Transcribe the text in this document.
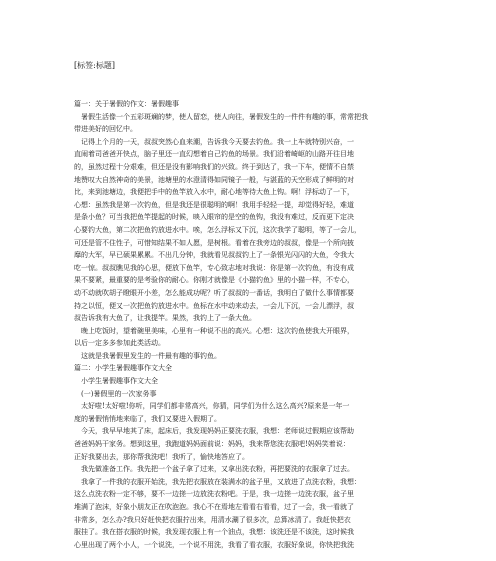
[标签:标题]

篇一：关于暑假的作文：暑假趣事

暑假生活像一个五彩斑斓的梦，使人留恋，使人向往，暑假发生的一件件有趣的事，常常把我

带进美好的回忆中。

记得上个月的一天，叔叔突然心血来潮，告诉我今天要去钓鱼。我一上车就特别兴奋，一

直闹着司爸爸开快点，脑子里还一直幻想着自己钓鱼的场景。我们沿着崎岖的山路开往目地

的，虽然过程十分艰难，但还是没有影响我们的兴致。终于到达了，我一下车，便情不自禁

地赞叹大自然神奇的美景，池塘里的水澄清得如同镜子一般，与湛蓝的天空形成了鲜明的对

比，来到池塘边，我便把手中的鱼竿放入水中，耐心地等待大鱼上钩。啊！浮标动了一下，

心想：虽然我是第一次钓鱼，但是我还是很聪明的啊！我用手轻轻一提，却觉得好轻，难道

是条小鱼？可当我把鱼竿提起的时候，映入眼帘的是空的鱼钩，我没有难过，反而更下定决

心要钓大鱼，第二次把鱼钓放进水中。唉，怎么浮标又下沉，这次我学了聪明，等了一会儿，

可还是管不住性子，可惜知结果不如人愿，是树根。看着在我旁边的叔叔，像是一个所向披

靡的大军，早已硕果累累。不出几分钟，我就看见叔叔钓上了一条银光闪闪的大鱼，令我大

吃一惊。叔叔瞧见我的心思，便放下鱼竿，专心致志地对我说：你是第一次钓鱼，有没有成

果不要紧，最重要的是考验你的耐心。你刚才就像是《小猫钓鱼》里的小猫一样，不专心，

动不动就吹胡子瞪眼开小差，怎么能成功呢？听了叔叔的一番话，我明白了做什么事情都要

持之以恒，便又一次把鱼钓放进水中。鱼标在水中动来动去，一会儿下沉，一会儿漂浮，叔

叔告诉我有大鱼了，让我提竿。果然，我钓上了一条大鱼。

晚上吃饭时，望着碗里美味，心里有一种说不出的高兴。心想：这次钓鱼使我大开眼界，

以后一定多多参加此类活动。

这就是我暑假里发生的一件最有趣的事钓鱼。

篇二：小学生暑假趣事作文大全

小学生暑假趣事作文大全

(一)暑假里的一次家务事

太好啦!太好啦!你听，同学们都非常高兴，你猜，同学们为什么这么高兴?原来是一年一

度的暑假悄悄地来临了，我们又要进入假期了。

今天，我早早地其了床，起床后，我发现妈妈正要洗衣服，我想：老师说过假期应该帮助

爸爸妈妈干家务。想到这里，我跑道妈妈面前说：妈妈，我来帮您洗衣服吧!妈妈笑着说：

正好我要出去，那你帮我洗吧！我听了，愉快地答应了。

我先做准备工作。我先把一个盆子拿了过来，又拿出洗衣粉，再把要洗的衣服拿了过去。

我拿了一件我的衣服开始洗，我先把衣服放在装满水的盆子里，又放进了点洗衣粉，我想：

这么点洗衣粉一定不够，要不一边搓一边放洗衣粉吧。于是，我一边搓一边洗衣服，盆子里

堆满了泡沫，好象小朋友正在吹泡泡。我心不在焉地左看看右看看，过了一会，我一看就了

非常多，怎么办?我只好赶快把衣服拧出来，用清水涮了很多次，总算冰清了。我赶快把衣

服挂了。我在搭衣服的时候，我发现衣服上有一个油点，我想：该洗还是不该洗，这时候我

心里出现了两个小人，一个说洗，一个说不用洗，我看了看衣服，衣服好象说，你快把我洗
